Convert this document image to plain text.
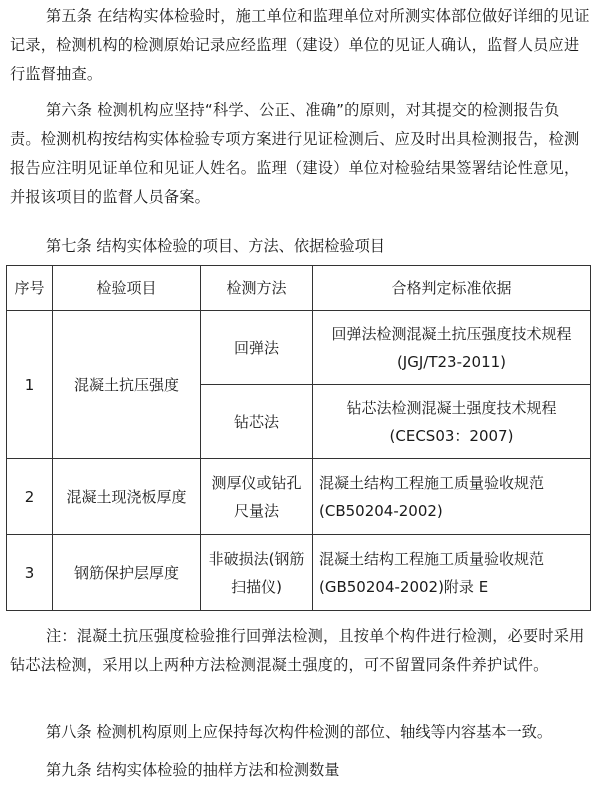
第五条 在结构实体检验时，施工单位和监理单位对所测实体部位做好详细的见证记录，检测机构的检测原始记录应经监理（建设）单位的见证人确认，监督人员应进行监督抽查。

第六条 检测机构应坚持“科学、公正、准确”的原则，对其提交的检测报告负责。检测机构按结构实体检验专项方案进行见证检测后、应及时出具检测报告，检测报告应注明见证单位和见证人姓名。监理（建设）单位对检验结果签署结论性意见，并报该项目的监督人员备案。

第七条 结构实体检验的项目、方法、依据检验项目

序号	检验项目	检测方法	合格判定标准依据
1	混凝土抗压强度	回弹法	回弹法检测混凝土抗压强度技术规程(JGJ/T23-2011)
		钻芯法	钻芯法检测混凝土强度技术规程(CECS03：2007)
2	混凝土现浇板厚度	测厚仪或钻孔尺量法	混凝土结构工程施工质量验收规范(CB50204-2002)
3	钢筋保护层厚度	非破损法(钢筋扫描仪)	混凝土结构工程施工质量验收规范(GB50204-2002)附录 E

注：混凝土抗压强度检验推行回弹法检测，且按单个构件进行检测，必要时采用钻芯法检测，采用以上两种方法检测混凝土强度的，可不留置同条件养护试件。

第八条 检测机构原则上应保持每次构件检测的部位、轴线等内容基本一致。

第九条 结构实体检验的抽样方法和检测数量
